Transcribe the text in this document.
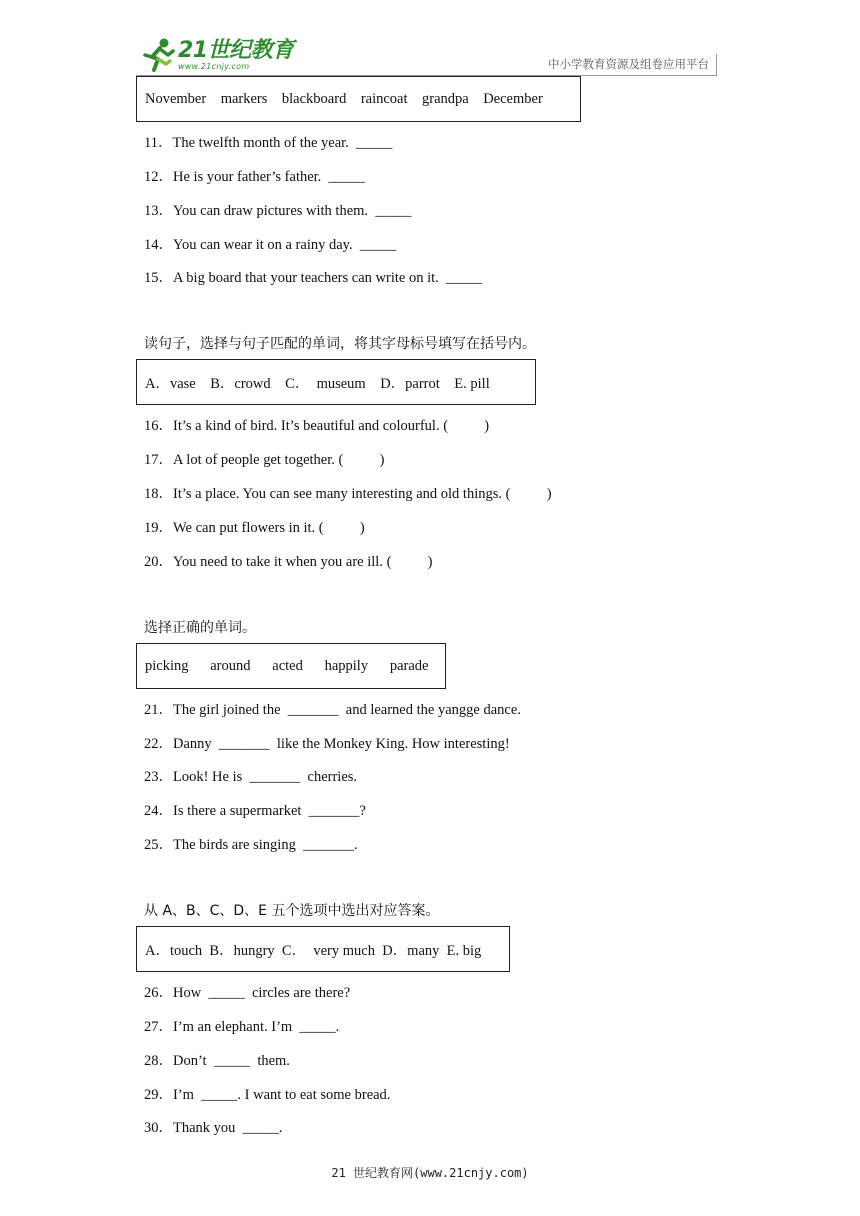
21世纪教育
www.21cnjy.com	中小学教育资源及组卷应用平台
November    markers    blackboard    raincoat    grandpa    December
11．The twelfth month of the year.  _____
12．He is your father’s father.  _____
13．You can draw pictures with them.  _____
14．You can wear it on a rainy day.  _____
15．A big board that your teachers can write on it.  _____
读句子，选择与句子匹配的单词，将其字母标号填写在括号内。
A．vase    B．crowd    C．  museum    D．parrot    E. pill
16．It’s a kind of bird. It’s beautiful and colourful. (          )
17．A lot of people get together. (          )
18．It’s a place. You can see many interesting and old things. (          )
19．We can put flowers in it. (          )
20．You need to take it when you are ill. (          )
选择正确的单词。
picking      around      acted      happily      parade
21．The girl joined the  _______  and learned the yangge dance.
22．Danny  _______  like the Monkey King. How interesting!
23．Look! He is  _______  cherries.
24．Is there a supermarket  _______?
25．The birds are singing  _______.
从 A、B、C、D、E 五个选项中选出对应答案。
A．touch  B．hungry  C．  very much  D．many  E. big
26．How  _____  circles are there?
27．I’m an elephant. I’m  _____.
28．Don’t  _____  them.
29．I’m  _____. I want to eat some bread.
30．Thank you  _____.
21 世纪教育网(www.21cnjy.com)
